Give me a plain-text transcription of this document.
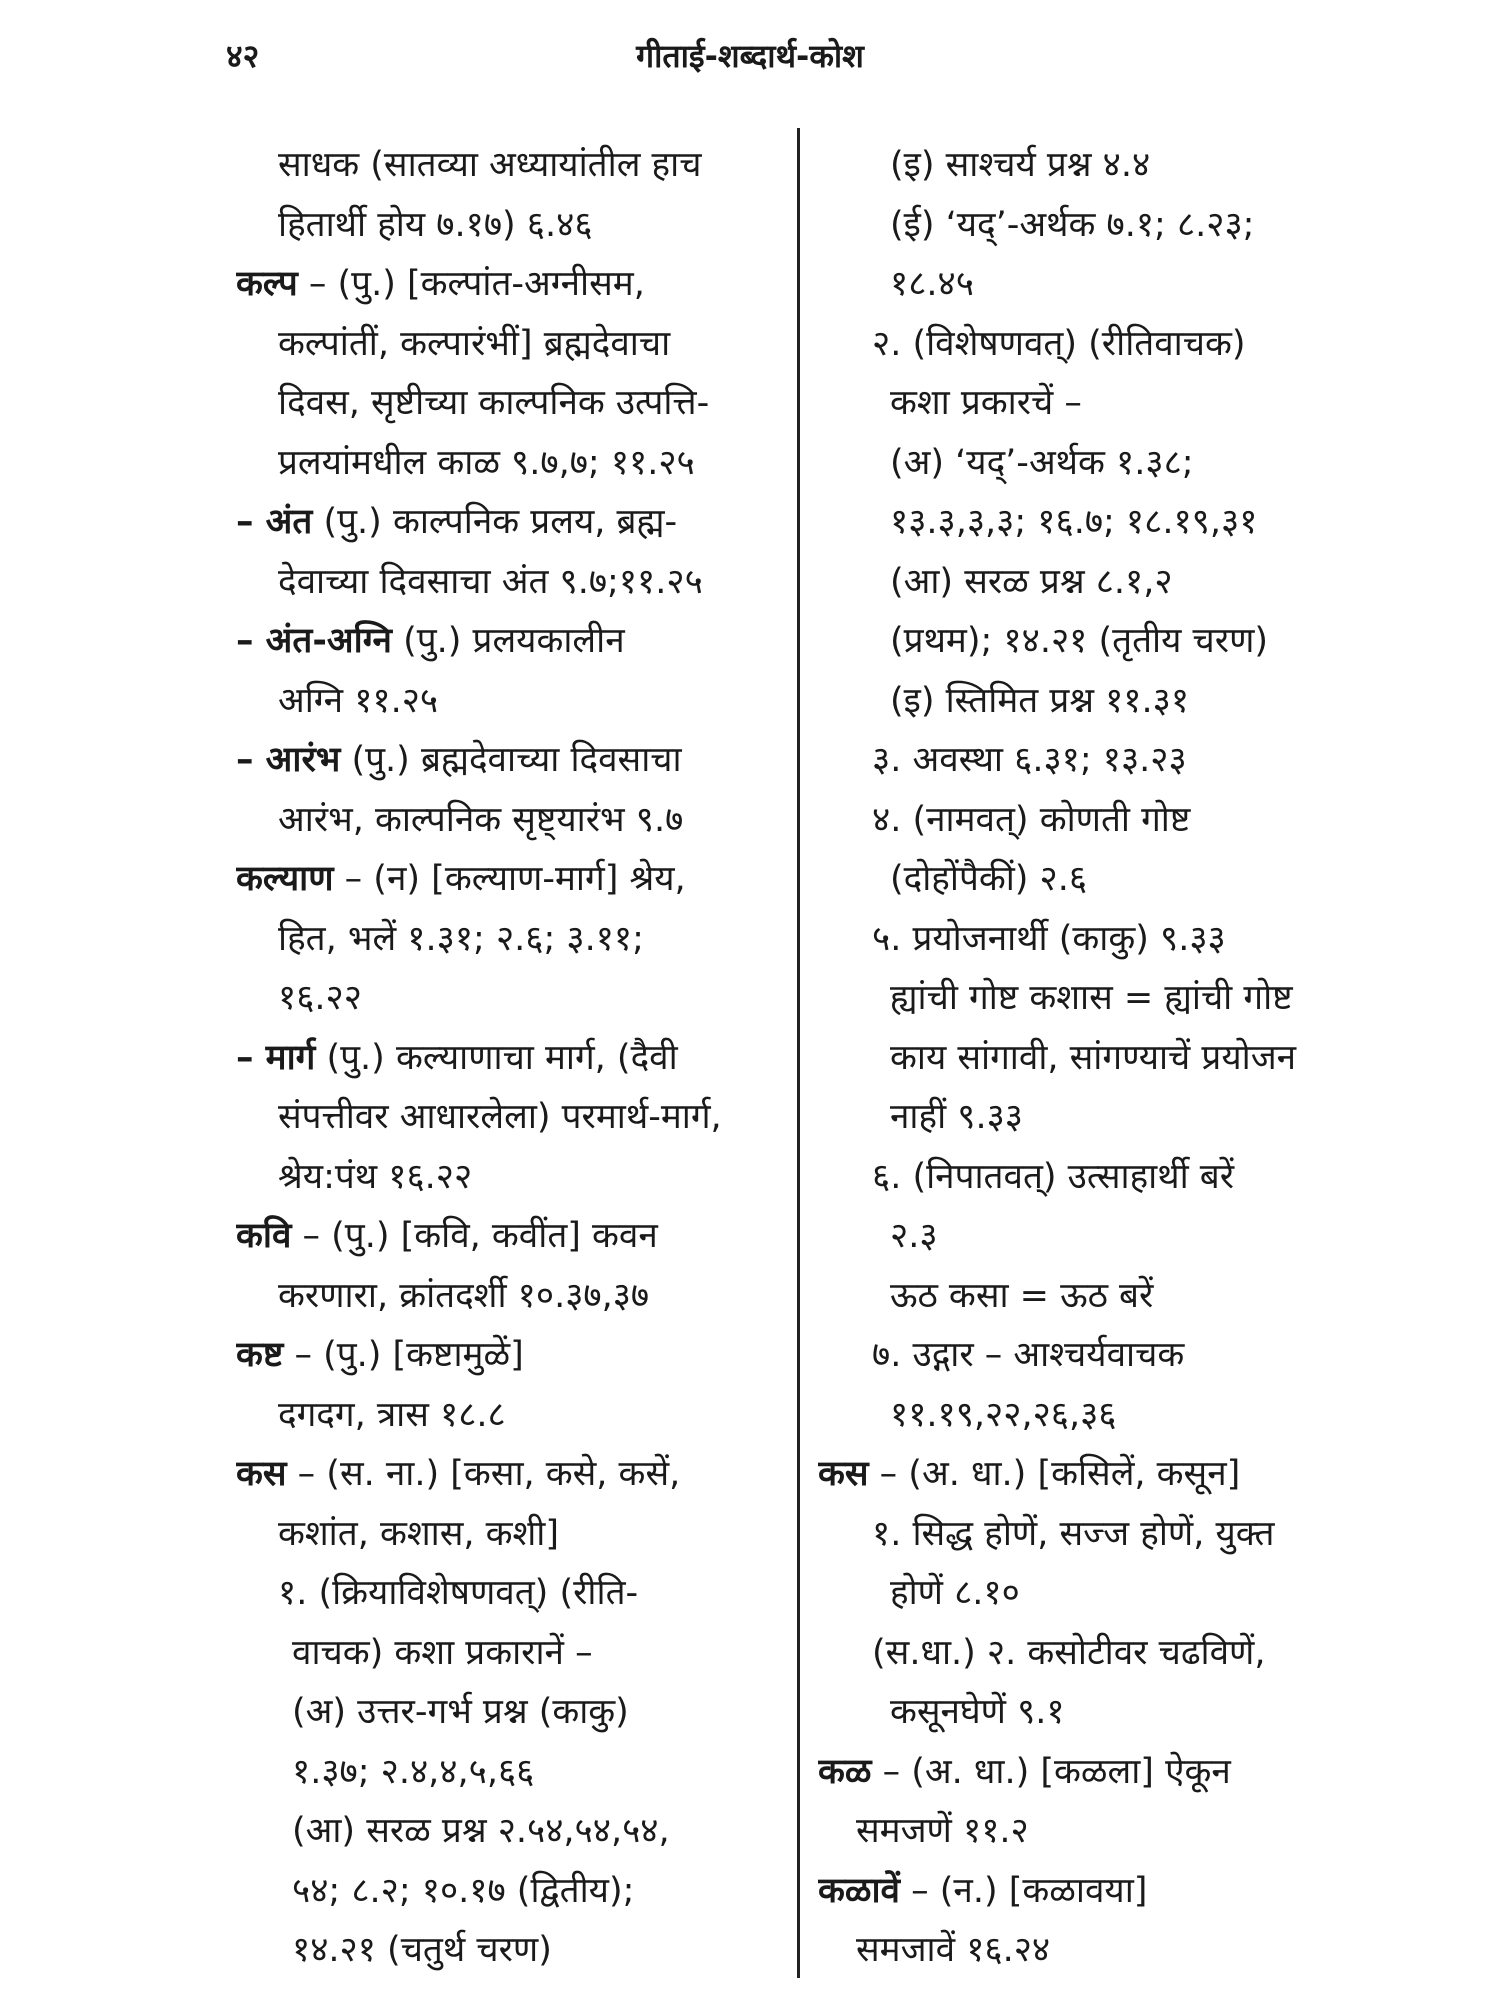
४२	गीताई-शब्दार्थ-कोश
साधक (सातव्या अध्यायांतील हाच
हितार्थी होय ७.१७) ६.४६
कल्प – (पु.) [कल्पांत-अग्नीसम,
कल्पांतीं, कल्पारंभीं] ब्रह्मदेवाचा
दिवस, सृष्टीच्या काल्पनिक उत्पत्ति-
प्रलयांमधील काळ ९.७,७; ११.२५
– अंत (पु.) काल्पनिक प्रलय, ब्रह्म-
देवाच्या दिवसाचा अंत ९.७;११.२५
– अंत-अग्नि (पु.) प्रलयकालीन
अग्नि ११.२५
– आरंभ (पु.) ब्रह्मदेवाच्या दिवसाचा
आरंभ, काल्पनिक सृष्ट्यारंभ ९.७
कल्याण – (न) [कल्याण-मार्ग] श्रेय,
हित, भलें १.३१; २.६; ३.११;
१६.२२
– मार्ग (पु.) कल्याणाचा मार्ग, (दैवी
संपत्तीवर आधारलेला) परमार्थ-मार्ग,
श्रेय:पंथ १६.२२
कवि – (पु.) [कवि, कवींत] कवन
करणारा, क्रांतदर्शी १०.३७,३७
कष्ट – (पु.) [कष्टामुळें]
दगदग, त्रास १८.८
कस – (स. ना.) [कसा, कसे, कसें,
कशांत, कशास, कशी]
१. (क्रियाविशेषणवत्) (रीति-
वाचक) कशा प्रकारानें –
(अ) उत्तर-गर्भ प्रश्न (काकु)
१.३७; २.४,४,५,६६
(आ) सरळ प्रश्न २.५४,५४,५४,
५४; ८.२; १०.१७ (द्वितीय);
१४.२१ (चतुर्थ चरण)
(इ) साश्चर्य प्रश्न ४.४
(ई) ‘यद्’-अर्थक ७.१; ८.२३;
१८.४५
२. (विशेषणवत्) (रीतिवाचक)
कशा प्रकारचें –
(अ) ‘यद्’-अर्थक १.३८;
१३.३,३,३; १६.७; १८.१९,३१
(आ) सरळ प्रश्न ८.१,२
(प्रथम); १४.२१ (तृतीय चरण)
(इ) स्तिमित प्रश्न ११.३१
३. अवस्था ६.३१; १३.२३
४. (नामवत्) कोणती गोष्ट
(दोहोंपैकीं) २.६
५. प्रयोजनार्थी (काकु) ९.३३
ह्यांची गोष्ट कशास = ह्यांची गोष्ट
काय सांगावी, सांगण्याचें प्रयोजन
नाहीं ९.३३
६. (निपातवत्) उत्साहार्थी बरें
२.३
ऊठ कसा = ऊठ बरें
७. उद्गार – आश्चर्यवाचक
११.१९,२२,२६,३६
कस – (अ. धा.) [कसिलें, कसून]
१. सिद्ध होणें, सज्ज होणें, युक्त
होणें ८.१०
(स.धा.) २. कसोटीवर चढविणें,
कसूनघेणें ९.१
कळ – (अ. धा.) [कळला] ऐकून
समजणें ११.२
कळावें – (न.) [कळावया]
समजावें १६.२४
